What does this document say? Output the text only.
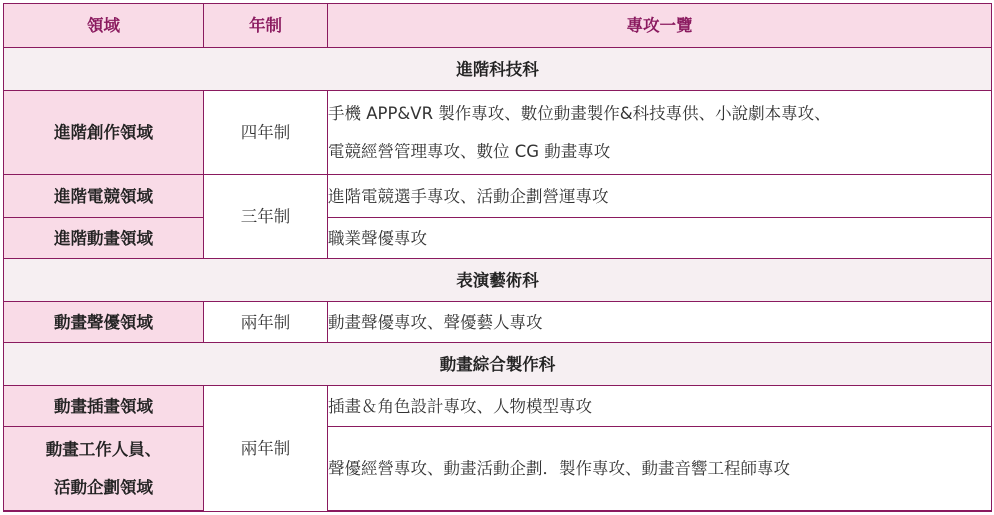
領域	年制	專攻一覽
進階科技科		
進階創作領域	四年制	手機 APP&VR 製作專攻、數位動畫製作&科技專供、小說劇本專攻、
電競經營管理專攻、數位 CG 動畫專攻

進階電競領域	三年制	進階電競選手專攻、活動企劃營運專攻
進階動畫領域		職業聲優專攻
表演藝術科		
動畫聲優領域	兩年制	動畫聲優專攻、聲優藝人專攻
動畫綜合製作科		
動畫插畫領域	兩年制	插畫＆角色設計專攻、人物模型專攻

動畫工作人員、
活動企劃領域		聲優經營專攻、動畫活動企劃．製作專攻、動畫音響工程師專攻
